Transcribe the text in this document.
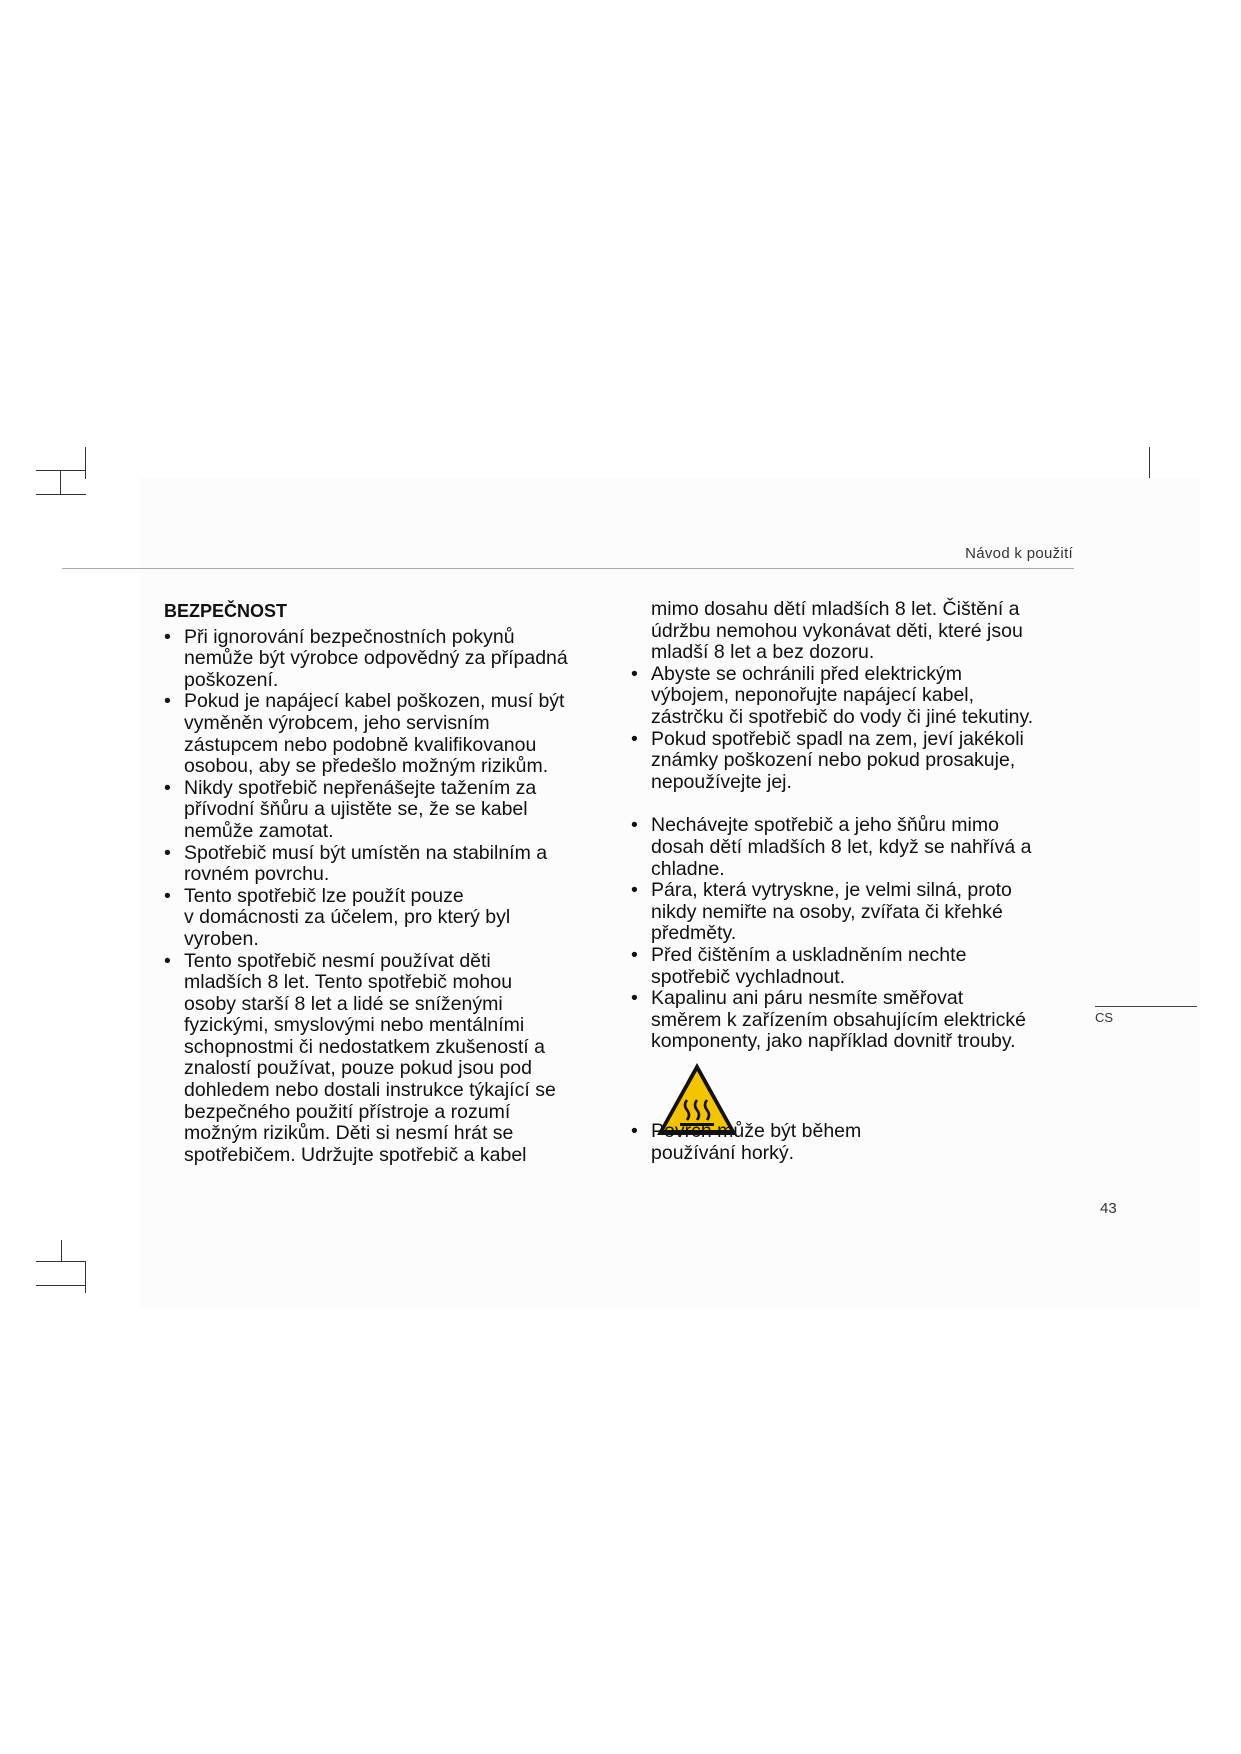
Návod k použití
BEZPEČNOST
• Při ignorování bezpečnostních pokynů
nemůže být výrobce odpovědný za případná
poškození.
• Pokud je napájecí kabel poškozen, musí být
vyměněn výrobcem, jeho servisním
zástupcem nebo podobně kvalifikovanou
osobou, aby se předešlo možným rizikům.
• Nikdy spotřebič nepřenášejte tažením za
přívodní šňůru a ujistěte se, že se kabel
nemůže zamotat.
• Spotřebič musí být umístěn na stabilním a
rovném povrchu.
• Tento spotřebič lze použít pouze
v domácnosti za účelem, pro který byl
vyroben.
• Tento spotřebič nesmí používat děti
mladších 8 let. Tento spotřebič mohou
osoby starší 8 let a lidé se sníženými
fyzickými, smyslovými nebo mentálními
schopnostmi či nedostatkem zkušeností a
znalostí používat, pouze pokud jsou pod
dohledem nebo dostali instrukce týkající se
bezpečného použití přístroje a rozumí
možným rizikům. Děti si nesmí hrát se
spotřebičem. Udržujte spotřebič a kabel
mimo dosahu dětí mladších 8 let. Čištění a
údržbu nemohou vykonávat děti, které jsou
mladší 8 let a bez dozoru.
• Abyste se ochránili před elektrickým
výbojem, neponořujte napájecí kabel,
zástrčku či spotřebič do vody či jiné tekutiny.
• Pokud spotřebič spadl na zem, jeví jakékoli
známky poškození nebo pokud prosakuje,
nepoužívejte jej.
• Nechávejte spotřebič a jeho šňůru mimo
dosah dětí mladších 8 let, když se nahřívá a
chladne.
• Pára, která vytryskne, je velmi silná, proto
nikdy nemiřte na osoby, zvířata či křehké
předměty.
• Před čištěním a uskladněním nechte
spotřebič vychladnout.
• Kapalinu ani páru nesmíte směřovat
směrem k zařízením obsahujícím elektrické
komponenty, jako například dovnitř trouby.
• Povrch může být během
používání horký.
CS
43
